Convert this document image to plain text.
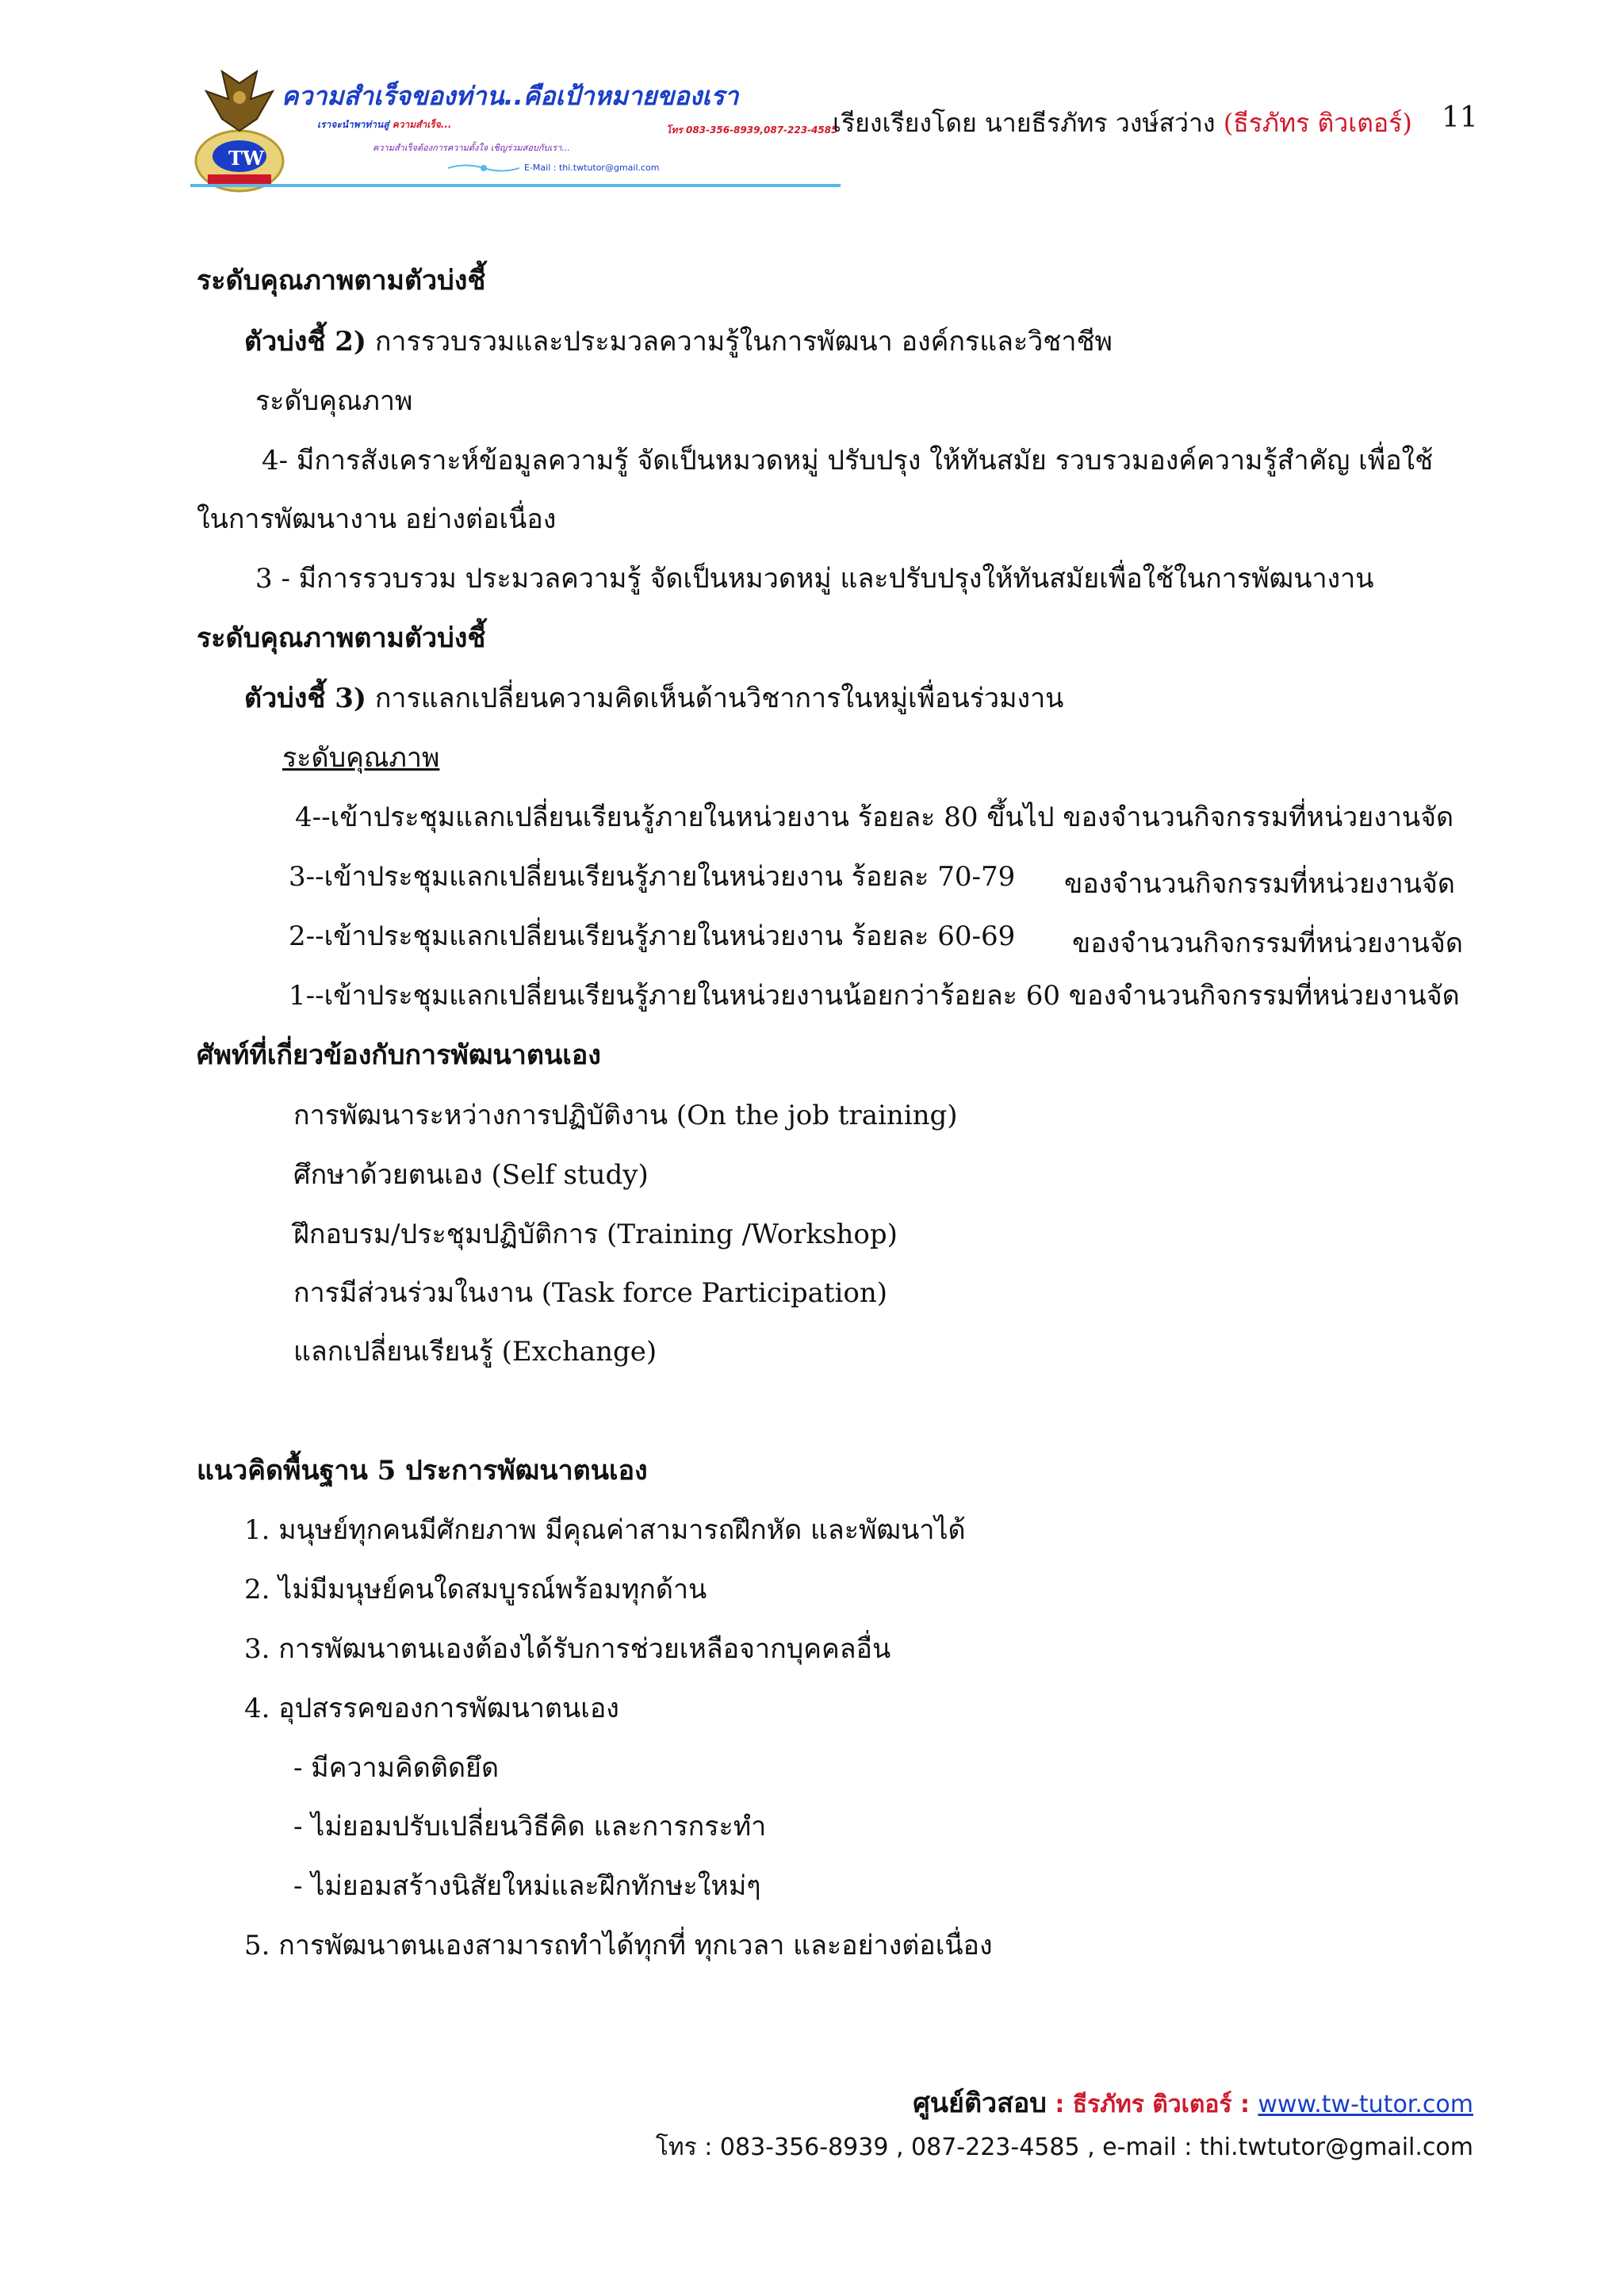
TW
ความสำเร็จของท่าน..คือเป้าหมายของเรา
เราจะนำพาท่านสู่ ความสำเร็จ...	โทร 083-356-8939,087-223-4585
ความสำเร็จต้องการความตั้งใจ เชิญร่วมสอบกับเรา...
E-Mail : thi.twtutor@gmail.com
เรียงเรียงโดย นายธีรภัทร วงษ์สว่าง (ธีรภัทร ติวเตอร์) 11
ระดับคุณภาพตามตัวบ่งชี้
ตัวบ่งชี้ 2) การรวบรวมและประมวลความรู้ในการพัฒนา องค์กรและวิชาชีพ
ระดับคุณภาพ
4- มีการสังเคราะห์ข้อมูลความรู้ จัดเป็นหมวดหมู่ ปรับปรุง ให้ทันสมัย รวบรวมองค์ความรู้สำคัญ เพื่อใช้
ในการพัฒนางาน อย่างต่อเนื่อง
3 - มีการรวบรวม ประมวลความรู้ จัดเป็นหมวดหมู่ และปรับปรุงให้ทันสมัยเพื่อใช้ในการพัฒนางาน
ระดับคุณภาพตามตัวบ่งชี้
ตัวบ่งชี้ 3) การแลกเปลี่ยนความคิดเห็นด้านวิชาการในหมู่เพื่อนร่วมงาน
ระดับคุณภาพ
4--เข้าประชุมแลกเปลี่ยนเรียนรู้ภายในหน่วยงาน ร้อยละ 80 ขึ้นไป ของจำนวนกิจกรรมที่หน่วยงานจัด
3--เข้าประชุมแลกเปลี่ยนเรียนรู้ภายในหน่วยงาน ร้อยละ 70-79 ของจำนวนกิจกรรมที่หน่วยงานจัด
2--เข้าประชุมแลกเปลี่ยนเรียนรู้ภายในหน่วยงาน ร้อยละ 60-69 ของจำนวนกิจกรรมที่หน่วยงานจัด
1--เข้าประชุมแลกเปลี่ยนเรียนรู้ภายในหน่วยงานน้อยกว่าร้อยละ 60 ของจำนวนกิจกรรมที่หน่วยงานจัด
ศัพท์ที่เกี่ยวข้องกับการพัฒนาตนเอง
การพัฒนาระหว่างการปฏิบัติงาน (On the job training)
ศึกษาด้วยตนเอง (Self study)
ฝึกอบรม/ประชุมปฏิบัติการ (Training /Workshop)
การมีส่วนร่วมในงาน (Task force Participation)
แลกเปลี่ยนเรียนรู้ (Exchange)
แนวคิดพื้นฐาน 5 ประการพัฒนาตนเอง
1. มนุษย์ทุกคนมีศักยภาพ มีคุณค่าสามารถฝึกหัด และพัฒนาได้
2. ไม่มีมนุษย์คนใดสมบูรณ์พร้อมทุกด้าน
3. การพัฒนาตนเองต้องได้รับการช่วยเหลือจากบุคคลอื่น
4. อุปสรรคของการพัฒนาตนเอง
- มีความคิดติดยึด
- ไม่ยอมปรับเปลี่ยนวิธีคิด และการกระทำ
- ไม่ยอมสร้างนิสัยใหม่และฝึกทักษะใหม่ๆ
5. การพัฒนาตนเองสามารถทำได้ทุกที่ ทุกเวลา และอย่างต่อเนื่อง
ศูนย์ติวสอบ : ธีรภัทร ติวเตอร์ : www.tw-tutor.com
โทร : 083-356-8939 , 087-223-4585 , e-mail : thi.twtutor@gmail.com
